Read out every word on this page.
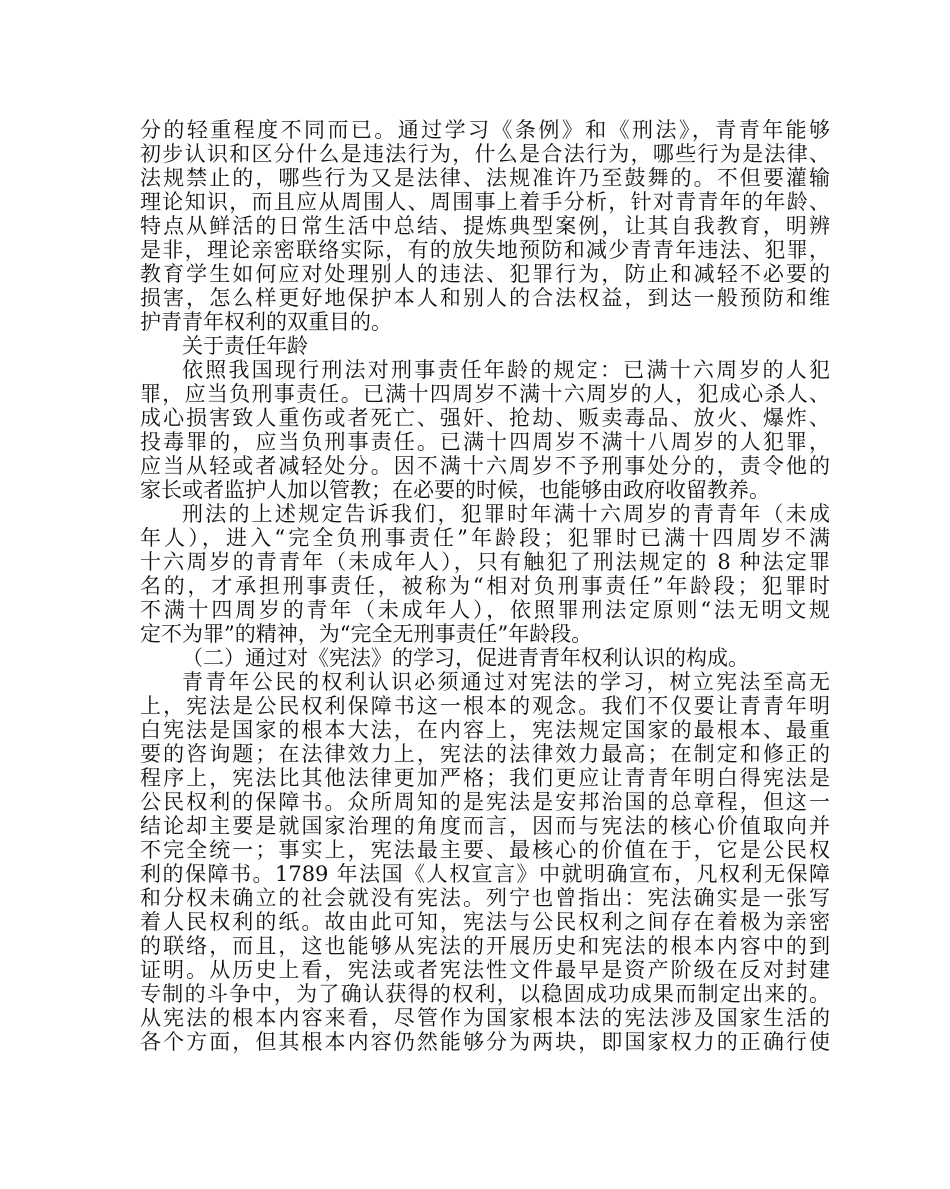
分的轻重程度不同而已。通过学习《条例》和《刑法》，青青年能够
初步认识和区分什么是违法行为，什么是合法行为，哪些行为是法律、
法规禁止的，哪些行为又是法律、法规准许乃至鼓舞的。不但要灌输
理论知识，而且应从周围人、周围事上着手分析，针对青青年的年龄、
特点从鲜活的日常生活中总结、提炼典型案例，让其自我教育，明辨
是非，理论亲密联络实际，有的放失地预防和减少青青年违法、犯罪，
教育学生如何应对处理别人的违法、犯罪行为，防止和减轻不必要的
损害，怎么样更好地保护本人和别人的合法权益，到达一般预防和维
护青青年权利的双重目的。
关于责任年龄
依照我国现行刑法对刑事责任年龄的规定：已满十六周岁的人犯
罪，应当负刑事责任。已满十四周岁不满十六周岁的人，犯成心杀人、
成心损害致人重伤或者死亡、强奸、抢劫、贩卖毒品、放火、爆炸、
投毒罪的，应当负刑事责任。已满十四周岁不满十八周岁的人犯罪，
应当从轻或者减轻处分。因不满十六周岁不予刑事处分的，责令他的
家长或者监护人加以管教；在必要的时候，也能够由政府收留教养。
刑法的上述规定告诉我们，犯罪时年满十六周岁的青青年（未成
年人），进入“完全负刑事责任”年龄段；犯罪时已满十四周岁不满
十六周岁的青青年（未成年人），只有触犯了刑法规定的 8 种法定罪
名的，才承担刑事责任，被称为“相对负刑事责任”年龄段；犯罪时
不满十四周岁的青年（未成年人），依照罪刑法定原则“法无明文规
定不为罪”的精神，为“完全无刑事责任”年龄段。
（二）通过对《宪法》的学习，促进青青年权利认识的构成。
青青年公民的权利认识必须通过对宪法的学习，树立宪法至高无
上，宪法是公民权利保障书这一根本的观念。我们不仅要让青青年明
白宪法是国家的根本大法，在内容上，宪法规定国家的最根本、最重
要的咨询题；在法律效力上，宪法的法律效力最高；在制定和修正的
程序上，宪法比其他法律更加严格；我们更应让青青年明白得宪法是
公民权利的保障书。众所周知的是宪法是安邦治国的总章程，但这一
结论却主要是就国家治理的角度而言，因而与宪法的核心价值取向并
不完全统一；事实上，宪法最主要、最核心的价值在于，它是公民权
利的保障书。1789 年法国《人权宣言》中就明确宣布，凡权利无保障
和分权未确立的社会就没有宪法。列宁也曾指出：宪法确实是一张写
着人民权利的纸。故由此可知，宪法与公民权利之间存在着极为亲密
的联络，而且，这也能够从宪法的开展历史和宪法的根本内容中的到
证明。从历史上看，宪法或者宪法性文件最早是资产阶级在反对封建
专制的斗争中，为了确认获得的权利，以稳固成功成果而制定出来的。
从宪法的根本内容来看，尽管作为国家根本法的宪法涉及国家生活的
各个方面，但其根本内容仍然能够分为两块，即国家权力的正确行使
